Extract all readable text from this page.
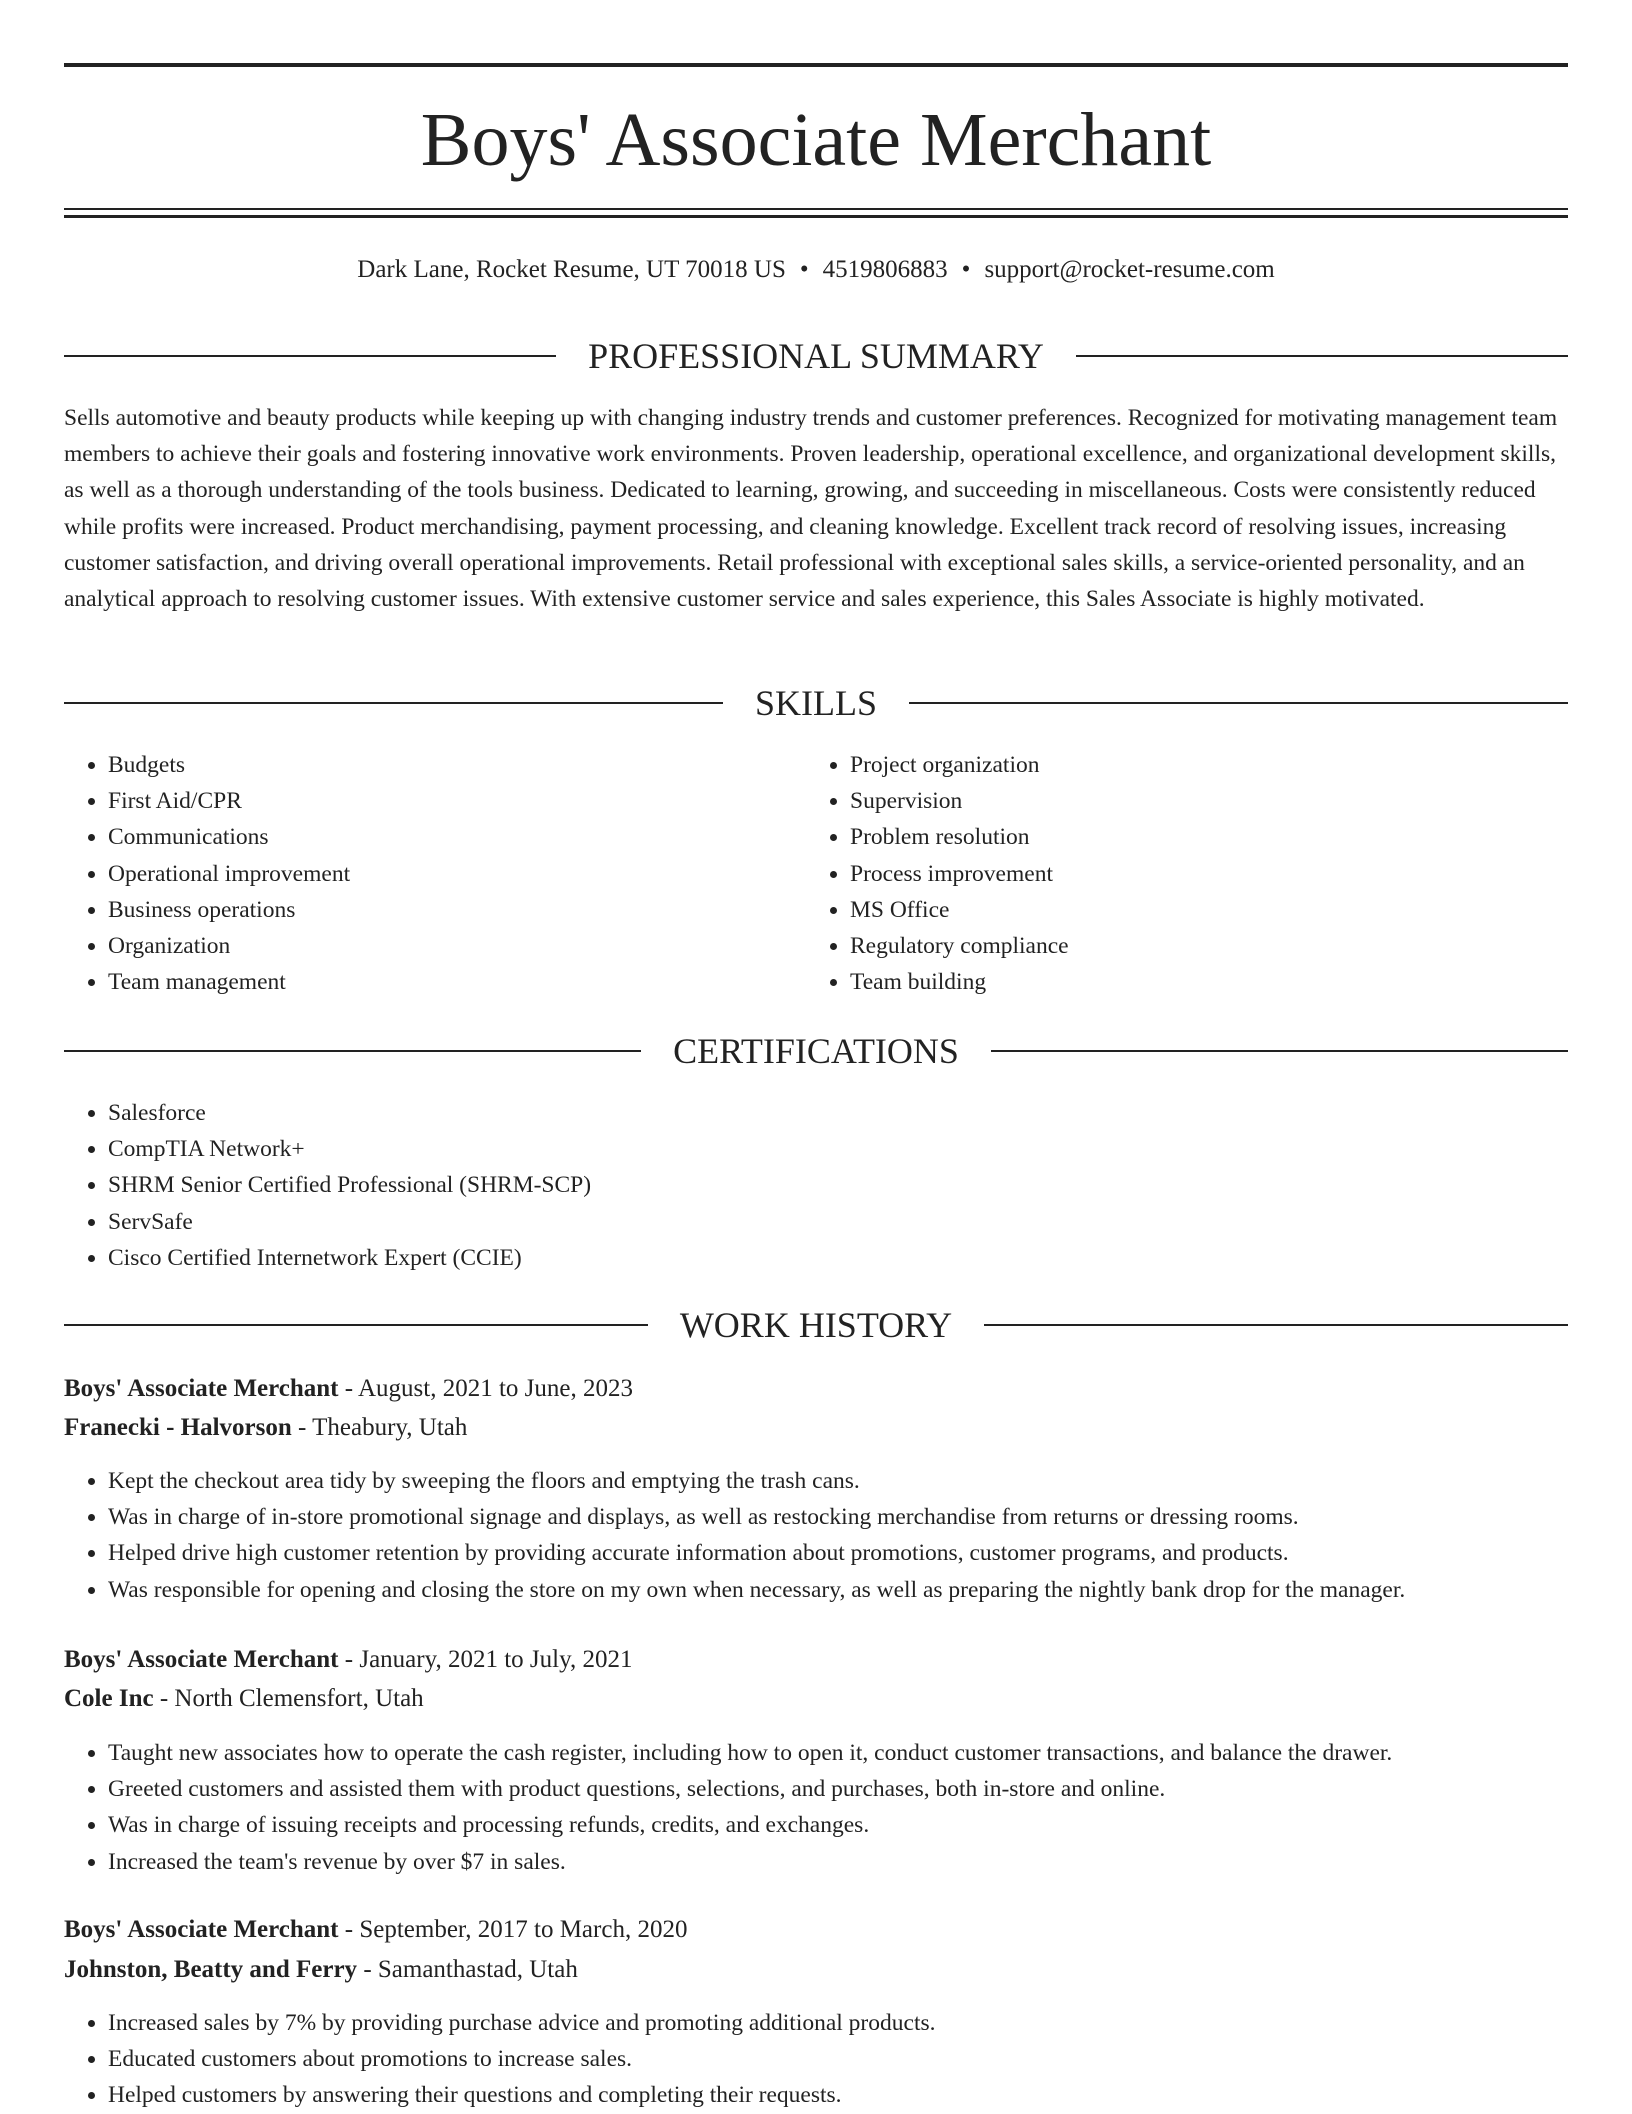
Boys' Associate Merchant
Dark Lane, Rocket Resume, UT 70018 US • 4519806883 • support@rocket-resume.com
PROFESSIONAL SUMMARY

Sells automotive and beauty products while keeping up with changing industry trends and customer preferences. Recognized for motivating management team members to achieve their goals and fostering innovative work environments. Proven leadership, operational excellence, and organizational development skills, as well as a thorough understanding of the tools business. Dedicated to learning, growing, and succeeding in miscellaneous. Costs were consistently reduced while profits were increased. Product merchandising, payment processing, and cleaning knowledge. Excellent track record of resolving issues, increasing customer satisfaction, and driving overall operational improvements. Retail professional with exceptional sales skills, a service-oriented personality, and an analytical approach to resolving customer issues. With extensive customer service and sales experience, this Sales Associate is highly motivated.

SKILLS
• Budgets
• First Aid/CPR
• Communications
• Operational improvement
• Business operations
• Organization
• Team management
• Project organization
• Supervision
• Problem resolution
• Process improvement
• MS Office
• Regulatory compliance
• Team building
CERTIFICATIONS
• Salesforce
• CompTIA Network+
• SHRM Senior Certified Professional (SHRM-SCP)
• ServSafe
• Cisco Certified Internetwork Expert (CCIE)
WORK HISTORY
Boys' Associate Merchant - August, 2021 to June, 2023
Franecki - Halvorson - Theabury, Utah
• Kept the checkout area tidy by sweeping the floors and emptying the trash cans.
• Was in charge of in-store promotional signage and displays, as well as restocking merchandise from returns or dressing rooms.
• Helped drive high customer retention by providing accurate information about promotions, customer programs, and products.
• Was responsible for opening and closing the store on my own when necessary, as well as preparing the nightly bank drop for the manager.
Boys' Associate Merchant - January, 2021 to July, 2021
Cole Inc - North Clemensfort, Utah
• Taught new associates how to operate the cash register, including how to open it, conduct customer transactions, and balance the drawer.
• Greeted customers and assisted them with product questions, selections, and purchases, both in-store and online.
• Was in charge of issuing receipts and processing refunds, credits, and exchanges.
• Increased the team's revenue by over $7 in sales.
Boys' Associate Merchant - September, 2017 to March, 2020
Johnston, Beatty and Ferry - Samanthastad, Utah
• Increased sales by 7% by providing purchase advice and promoting additional products.
• Educated customers about promotions to increase sales.
• Helped customers by answering their questions and completing their requests.
